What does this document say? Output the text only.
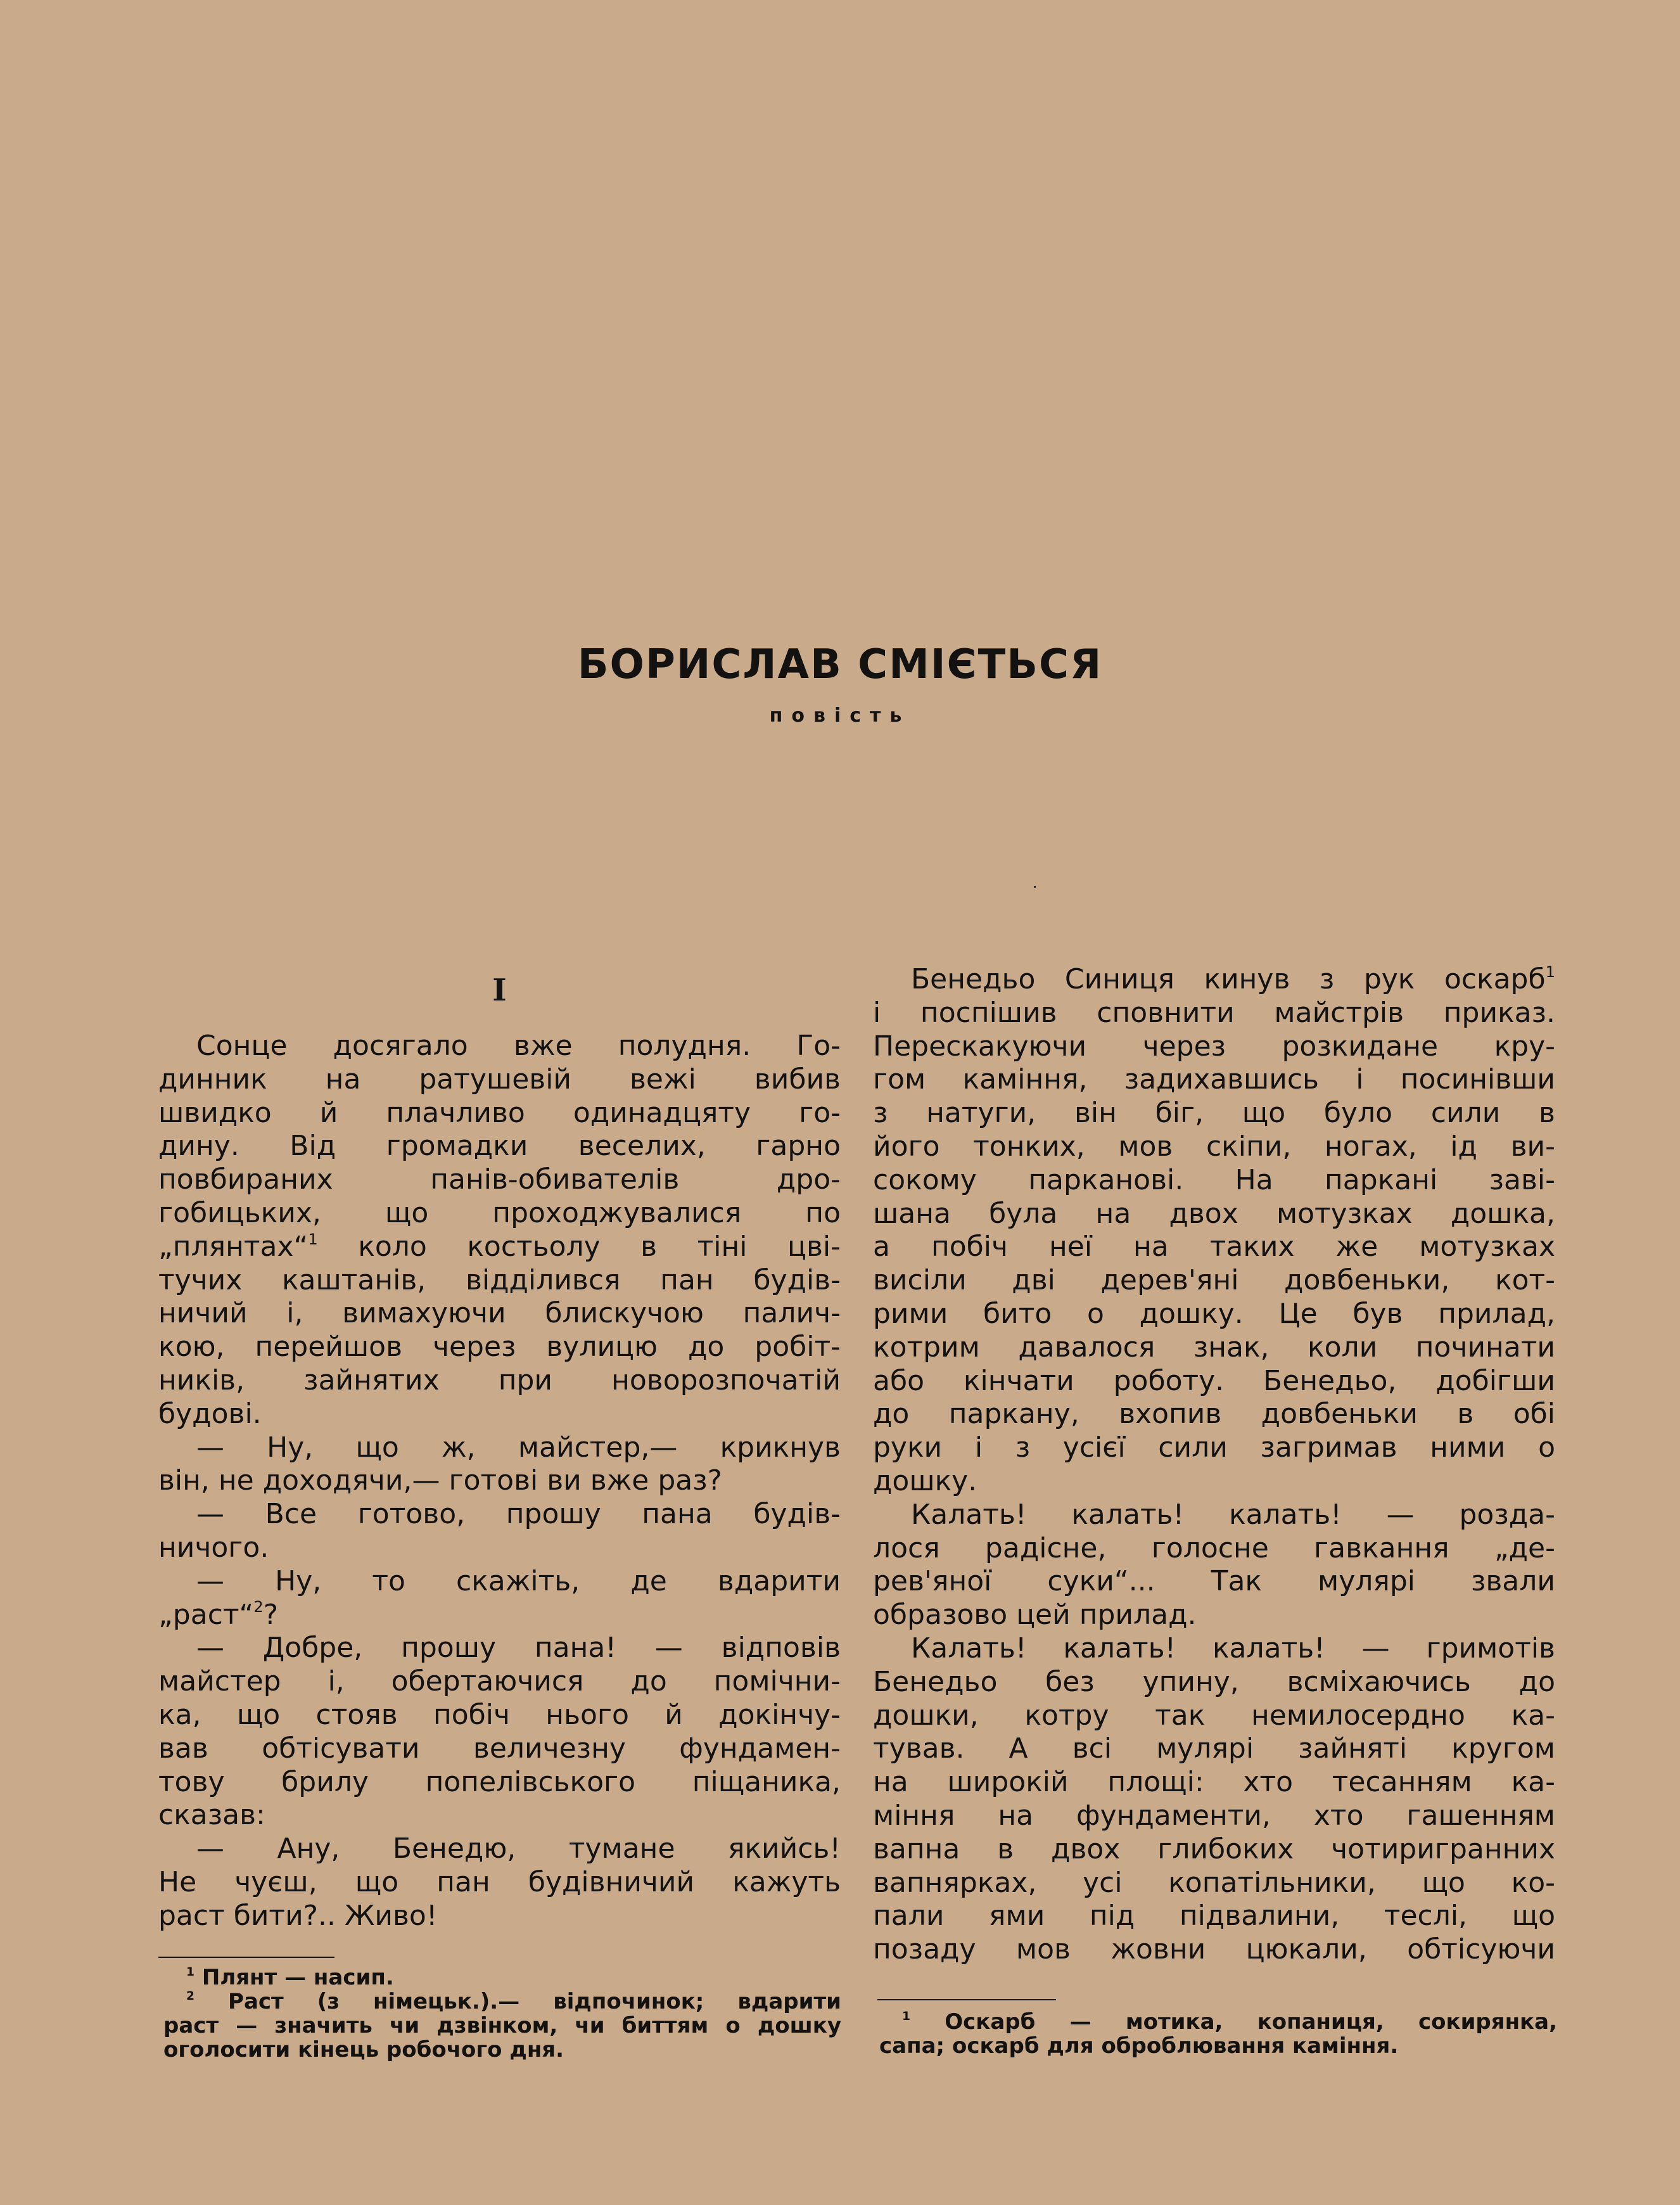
БОРИСЛАВ СМІЄТЬСЯ
повість
І
Сонце досягало вже полудня. Го-
динник на ратушевій вежі вибив
швидко й плачливо одинадцяту го-
дину. Від громадки веселих, гарно
повбираних панів-обивателів дро-
гобицьких, що проходжувалися по
„плянтах“$^1$ коло костьолу в тіні цві-
тучих каштанів, відділився пан будів-
ничий і, вимахуючи блискучою палич-
кою, перейшов через вулицю до робіт-
ників, зайнятих при новорозпочатій
будові.
— Ну, що ж, майстер,— крикнув
він, не доходячи,— готові ви вже раз?
— Все готово, прошу пана будів-
ничого.
— Ну, то скажіть, де вдарити
„раст“$^2$?
— Добре, прошу пана! — відповів
майстер і, обертаючися до помічни-
ка, що стояв побіч нього й докінчу-
вав обтісувати величезну фундамен-
тову брилу попелівського піщаника,
сказав:
— Ану, Бенедю, тумане якийсь!
Не чуєш, що пан будівничий кажуть
раст бити?.. Живо!
Бенедьо Синиця кинув з рук оскарб$^1$
і поспішив сповнити майстрів приказ.
Перескакуючи через розкидане кру-
гом каміння, задихавшись і посинівши
з натуги, він біг, що було сили в
його тонких, мов скіпи, ногах, ід ви-
сокому парканові. На паркані заві-
шана була на двох мотузках дошка,
а побіч неї на таких же мотузках
висіли дві дерев'яні довбеньки, кот-
рими бито о дошку. Це був прилад,
котрим давалося знак, коли починати
або кінчати роботу. Бенедьо, добігши
до паркану, вхопив довбеньки в обі
руки і з усієї сили загримав ними о
дошку.
Калать! калать! калать! — розда-
лося радісне, голосне гавкання „де-
рев'яної суки“... Так мулярі звали
образово цей прилад.
Калать! калать! калать! — гримотів
Бенедьо без упину, всміхаючись до
дошки, котру так немилосердно ка-
тував. А всі мулярі зайняті кругом
на широкій площі: хто тесанням ка-
міння на фундаменти, хто гашенням
вапна в двох глибоких чотиригранних
вапнярках, усі копатільники, що ко-
пали ями під підвалини, теслі, що
позаду мов жовни цюкали, обтісуючи
$^1$ Плянт — насип.
$^2$ Раст (з німецьк.).— відпочинок; вдарити
раст — значить чи дзвінком, чи биттям о дошку
оголосити кінець робочого дня.
$^1$ Оскарб — мотика, копаниця, сокирянка,
сапа; оскарб для оброблювання каміння.
